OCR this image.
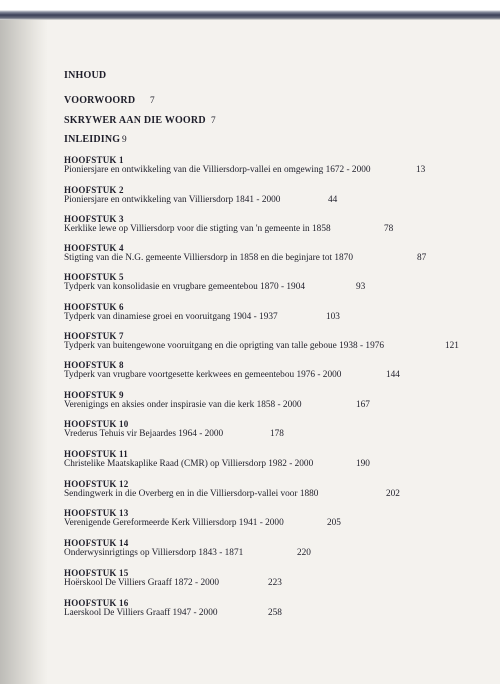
INHOUD
VOORWOORD 7
SKRYWER AAN DIE WOORD 7
INLEIDING 9
HOOFSTUK 1
Pioniersjare en ontwikkeling van die Villiersdorp-vallei en omgewing 1672 - 2000	13
HOOFSTUK 2
Pioniersjare en ontwikkeling van Villiersdorp 1841 - 2000	44
HOOFSTUK 3
Kerklike lewe op Villiersdorp voor die stigting van 'n gemeente in 1858	78
HOOFSTUK 4
Stigting van die N.G. gemeente Villiersdorp in 1858 en die beginjare tot 1870	87
HOOFSTUK 5
Tydperk van konsolidasie en vrugbare gemeentebou 1870 - 1904	93
HOOFSTUK 6
Tydperk van dinamiese groei en vooruitgang 1904 - 1937	103
HOOFSTUK 7
Tydperk van buitengewone vooruitgang en die oprigting van talle geboue 1938 - 1976	121
HOOFSTUK 8
Tydperk van vrugbare voortgesette kerkwees en gemeentebou 1976 - 2000	144
HOOFSTUK 9
Verenigings en aksies onder inspirasie van die kerk 1858 - 2000	167
HOOFSTUK 10
Vrederus Tehuis vir Bejaardes 1964 - 2000	178
HOOFSTUK 11
Christelike Maatskaplike Raad (CMR) op Villiersdorp 1982 - 2000	190
HOOFSTUK 12
Sendingwerk in die Overberg en in die Villiersdorp-vallei voor 1880	202
HOOFSTUK 13
Verenigende Gereformeerde Kerk Villiersdorp 1941 - 2000	205
HOOFSTUK 14
Onderwysinrigtings op Villiersdorp 1843 - 1871	220
HOOFSTUK 15
Hoërskool De Villiers Graaff 1872 - 2000	223
HOOFSTUK 16
Laerskool De Villiers Graaff 1947 - 2000	258
